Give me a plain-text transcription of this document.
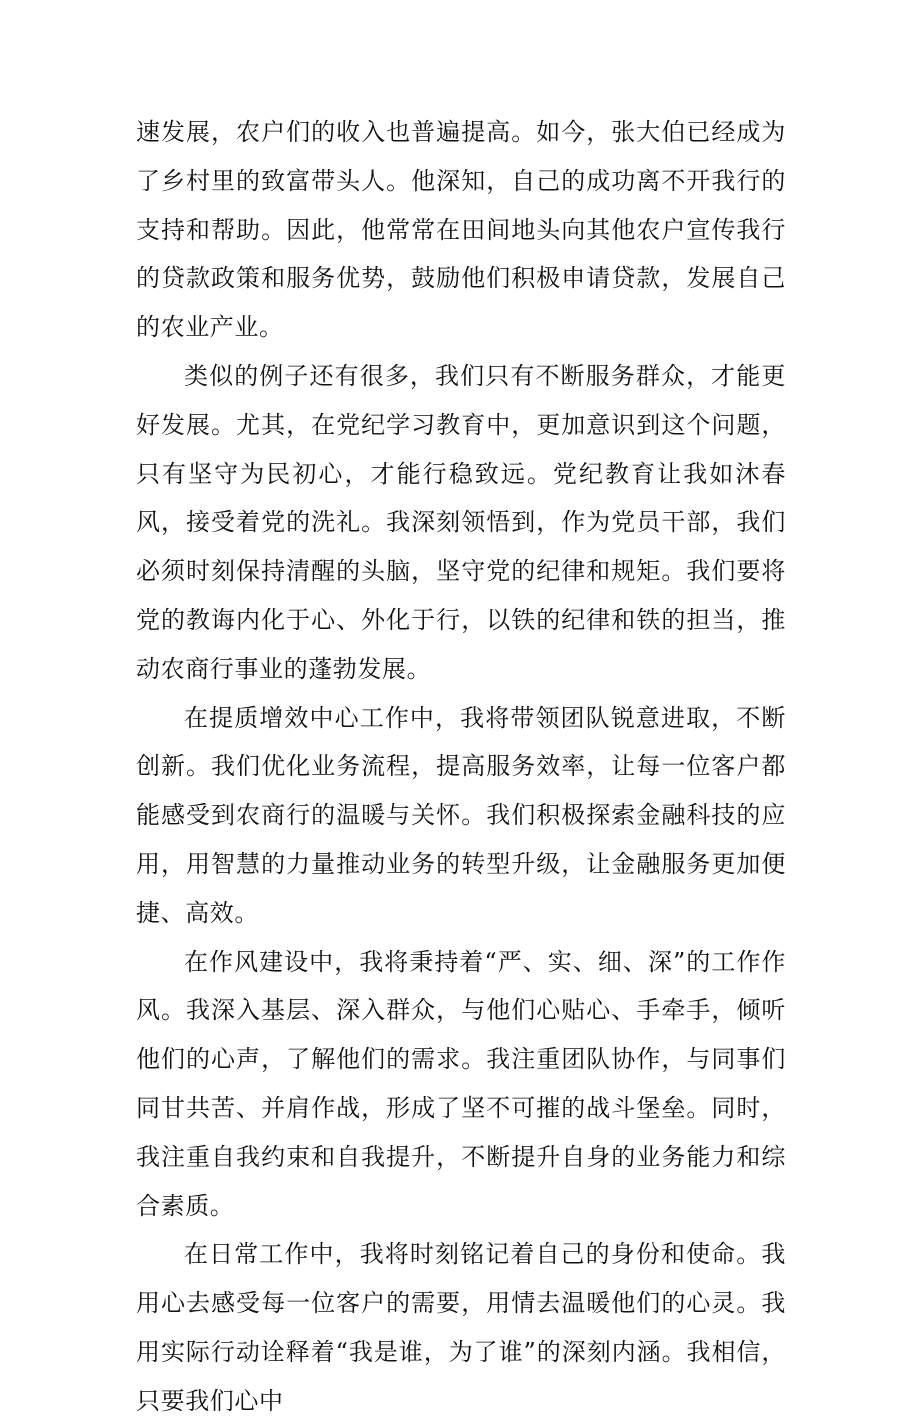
速发展，农户们的收入也普遍提高。如今，张大伯已经成为了乡村里的致富带头人。他深知，自己的成功离不开我行的支持和帮助。因此，他常常在田间地头向其他农户宣传我行的贷款政策和服务优势，鼓励他们积极申请贷款，发展自己的农业产业。

类似的例子还有很多，我们只有不断服务群众，才能更好发展。尤其，在党纪学习教育中，更加意识到这个问题，只有坚守为民初心，才能行稳致远。党纪教育让我如沐春风，接受着党的洗礼。我深刻领悟到，作为党员干部，我们必须时刻保持清醒的头脑，坚守党的纪律和规矩。我们要将党的教诲内化于心、外化于行，以铁的纪律和铁的担当，推动农商行事业的蓬勃发展。

在提质增效中心工作中，我将带领团队锐意进取，不断创新。我们优化业务流程，提高服务效率，让每一位客户都能感受到农商行的温暖与关怀。我们积极探索金融科技的应用，用智慧的力量推动业务的转型升级，让金融服务更加便捷、高效。

在作风建设中，我将秉持着“严、实、细、深”的工作作风。我深入基层、深入群众，与他们心贴心、手牵手，倾听他们的心声，了解他们的需求。我注重团队协作，与同事们同甘共苦、并肩作战，形成了坚不可摧的战斗堡垒。同时，我注重自我约束和自我提升，不断提升自身的业务能力和综合素质。

在日常工作中，我将时刻铭记着自己的身份和使命。我用心去感受每一位客户的需要，用情去温暖他们的心灵。我用实际行动诠释着“我是谁，为了谁”的深刻内涵。我相信，只要我们心中
